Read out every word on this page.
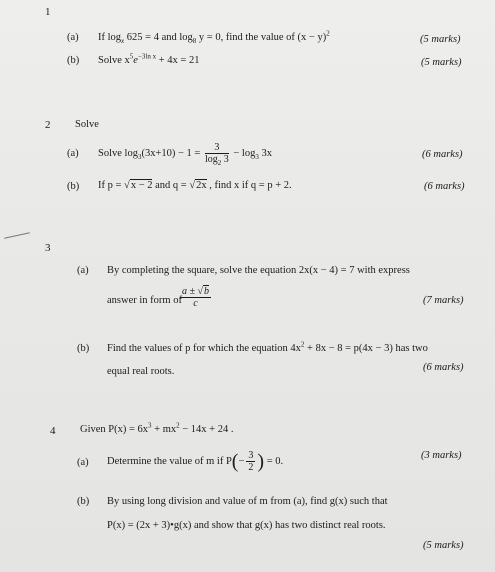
1
(a) If $\log_x 625 = 4$ and $\log_8 y = 0$, find the value of $(x - y)^2$
(5 marks)
(b) Solve $x^5e^{-3ln x} + 4x = 21$	(5 marks)
2 Solve
(a) Solve $\log_3(3x+10) - 1 = \frac{3}{\log_2 3} - \log_3 3x$	(6 marks)
(b) If p = √x − 2 and q = √2x , find x if q = p + 2.	(6 marks)
3
(a) By completing the square, solve the equation 2x(x − 4) = 7 with express
answer in form of
$\frac{a \pm √b}{c}$	(7 marks)
(b) Find the values of p for which the equation $4x^2 + 8x - 8 = p(4x - 3)$ has two
equal real roots.	(6 marks)
4 Given $P(x) = 6x^3 + mx^2 - 14x + 24$ .
(a) Determine the value of m if $P(- \frac{3}{2}$ ) = 0.
(3 marks)
(b) By using long division and value of m from (a), find g(x) such that
P(x) = (2x + 3)•g(x) and show that g(x) has two distinct real roots.
(5 marks)
